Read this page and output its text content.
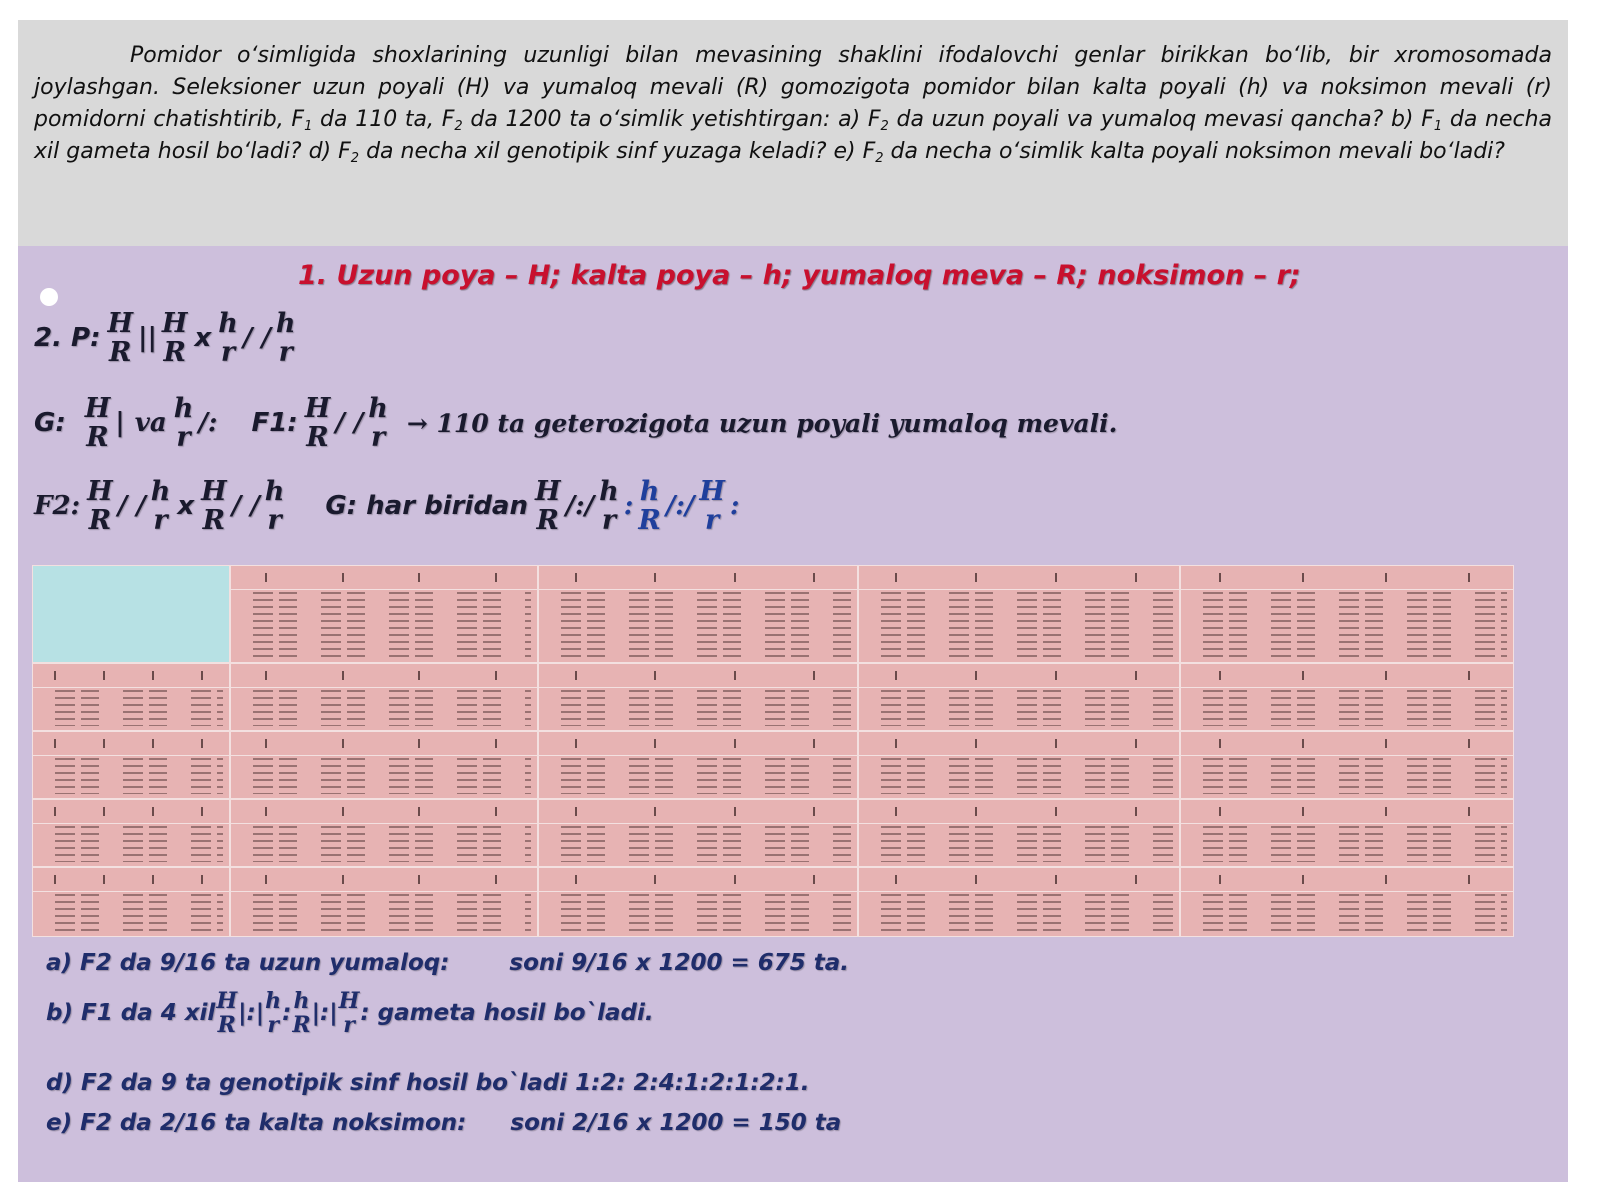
Pomidor o‘simligida shoxlarining uzunligi bilan mevasining shaklini ifodalovchi genlar birikkan bo‘lib, bir xromosomada joylashgan. Seleksioner uzun poyali (H) va yumaloq mevali (R) gomozigota pomidor bilan kalta poyali (h) va noksimon mevali (r) pomidorni chatishtirib, $F_1$ da 110 ta, $F_2$ da 1200 ta o‘simlik yetishtirgan: a) $F_2$ da uzun poyali va yumaloq mevasi qancha? b) $F_1$ da necha xil gameta hosil bo‘ladi? d) $F_2$ da necha xil genotipik sinf yuzaga keladi? e) $F_2$ da necha o‘simlik kalta poyali noksimon mevali bo‘ladi?

1. Uzun poya – H; kalta poya – h; yumaloq meva – R; noksimon – r;
2. P: H
R || H
R x h
r / / h
r
G: H
R | va h
r /: F1: H
R / / h
r → 110 ta geterozigota uzun poyali yumaloq mevali.
F2: H
R / / h
r x H
R / / h
r G: har biridan H
R /:/ h
r : h
R /:/ H
r :
a) F2 da 9/16 ta uzun yumaloq:	soni 9/16 x 1200 = 675 ta.
b) F1 da 4 xil H
R |:| h
r : h
R |:| H
r : gameta hosil bo`ladi.
d) F2 da 9 ta genotipik sinf hosil bo`ladi 1:2: 2:4:1:2:1:2:1.
e) F2 da 2/16 ta kalta noksimon: soni 2/16 x 1200 = 150 ta
